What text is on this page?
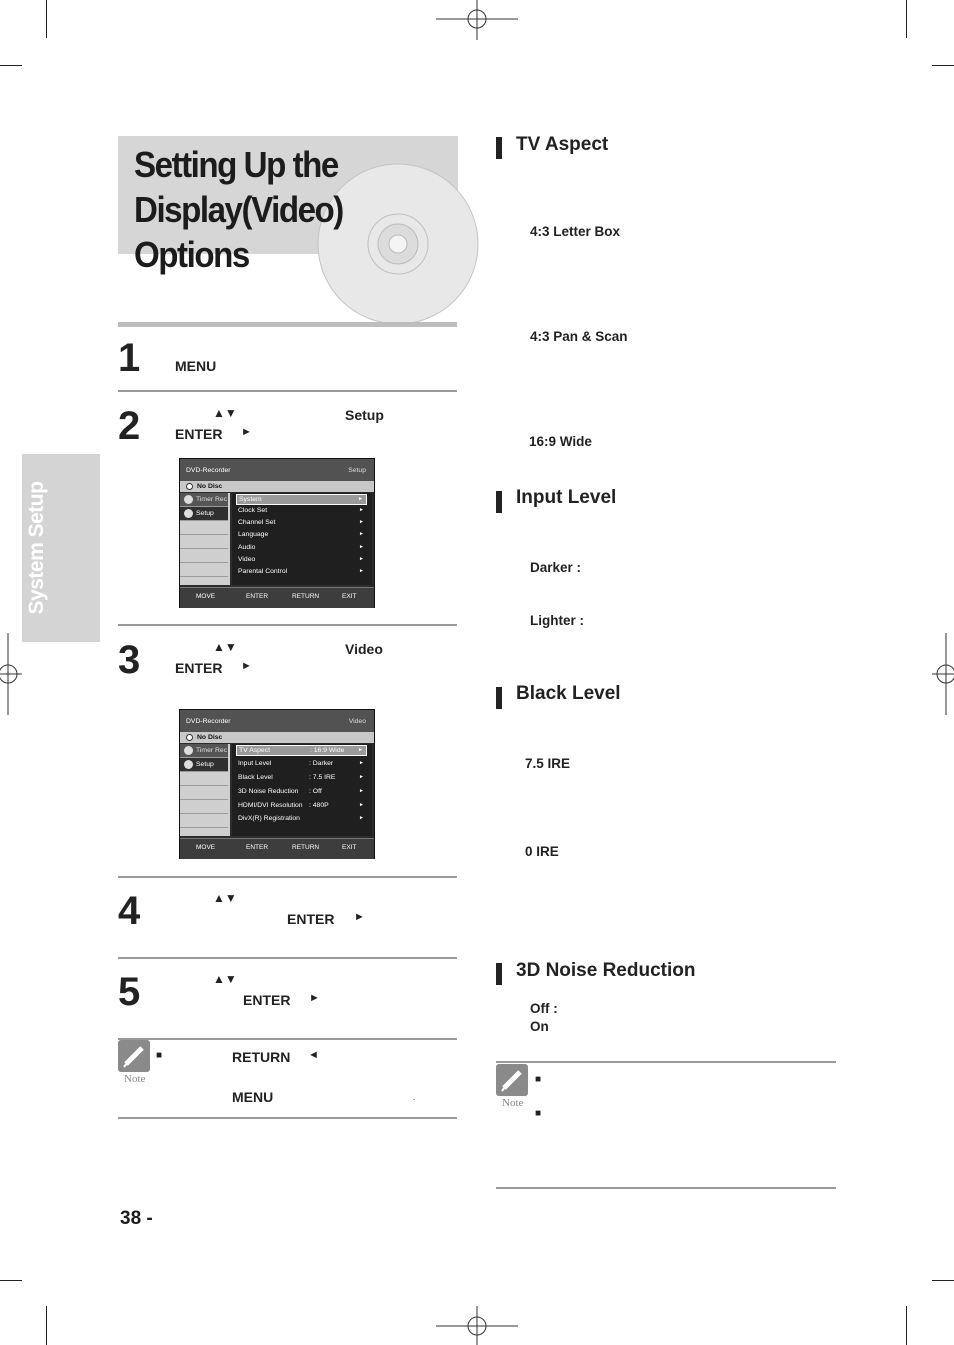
Setting Up the
Display(Video) Options
System Setup
1 MENU
2	▲▼	Setup
ENTER ►
DVD-Recorder	Setup
No Disc
Timer Rec
Setup
System	►
Clock Set	►
Channel Set	►
Language	►
Audio	►
Video	►
Parental Control	►
MOVE	ENTER	RETURN	EXIT
3	▲▼	Video
ENTER ►
DVD-Recorder	Video
No Disc
Timer Rec
Setup
TV Aspect	: 16:9 Wide	►
Input Level	: Darker	►
Black Level	: 7.5 IRE	►
3D Noise Reduction : Off	►
HDMI/DVI Resolution : 480P	►
DivX(R) Registration	►
MOVE	ENTER	RETURN	EXIT
4	▲▼
ENTER ►
5	▲▼
ENTER ►
Note
■	RETURN ◄
MENU	.
38 -
TV Aspect
4:3 Letter Box
4:3 Pan & Scan
16:9 Wide
Input Level
Darker :
Lighter :
Black Level
7.5 IRE
0 IRE
3D Noise Reduction
Off :
On
Note
■
■
